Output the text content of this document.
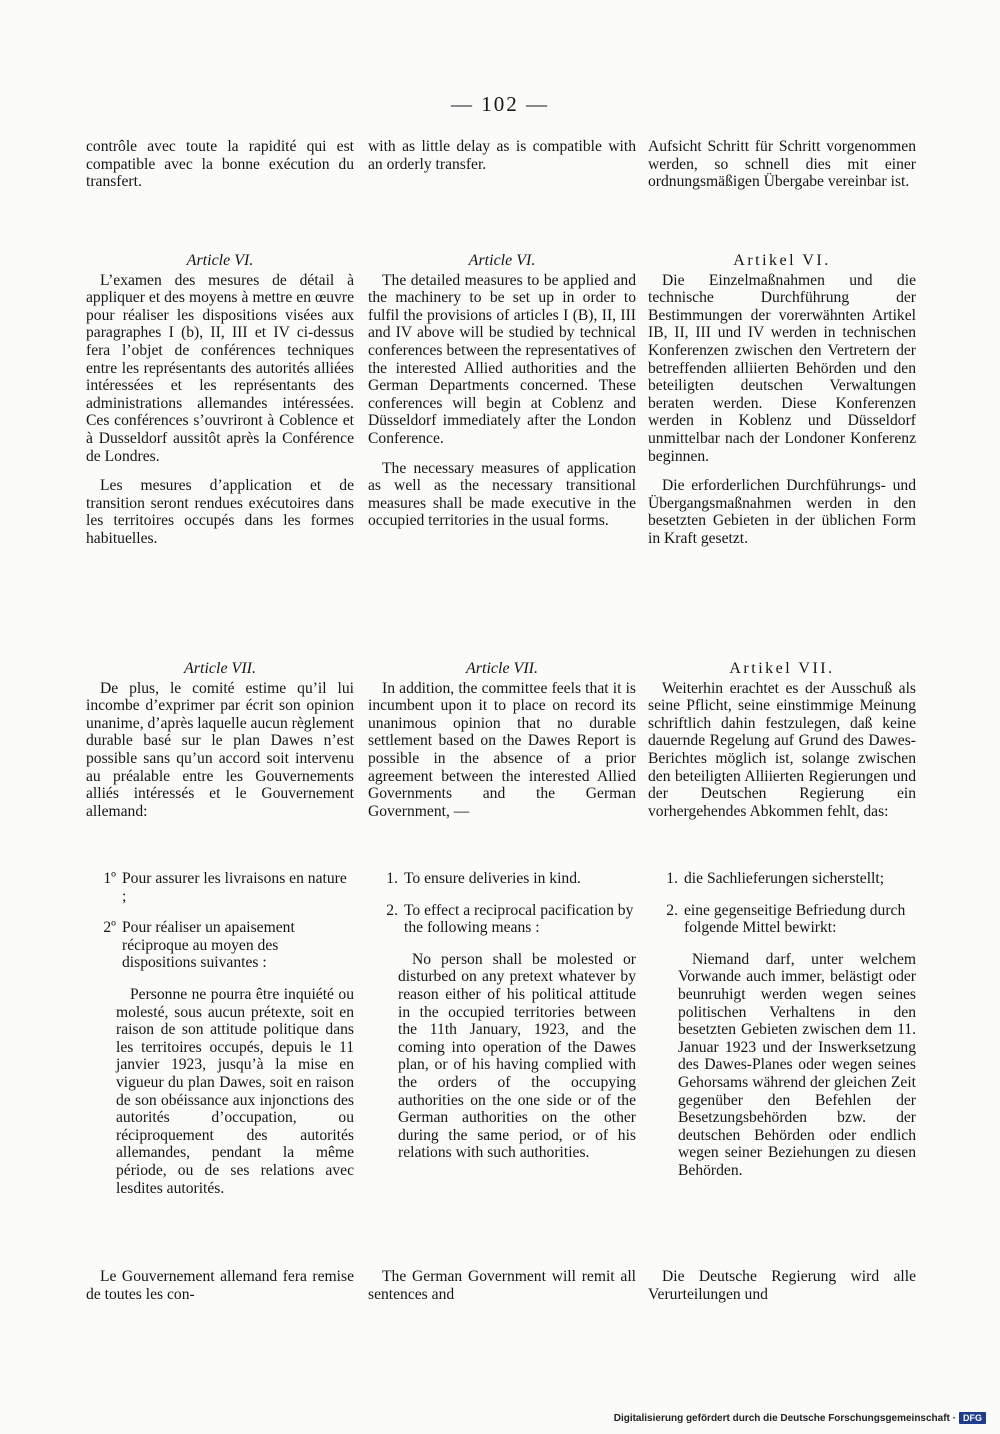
— 102 —

contrôle avec toute la rapidité qui est compatible avec la bonne exécution du transfert.

Article VI.

L’examen des mesures de détail à appliquer et des moyens à mettre en œuvre pour réaliser les dispositions visées aux paragraphes I (b), II, III et IV ci-dessus fera l’objet de conférences techniques entre les représentants des autorités alliées intéressées et les représentants des administrations allemandes intéressées. Ces conférences s’ouvriront à Coblence et à Dusseldorf aussitôt après la Conférence de Londres.

Les mesures d’application et de transition seront rendues exécutoires dans les territoires occupés dans les formes habituelles.

Article VII.

De plus, le comité estime qu’il lui incombe d’exprimer par écrit son opinion unanime, d’après laquelle aucun règlement durable basé sur le plan Dawes n’est possible sans qu’un accord soit intervenu au préalable entre les Gouvernements alliés intéressés et le Gouvernement allemand:

1º Pour assurer les livraisons en nature ;
2º Pour réaliser un apaisement réciproque au moyen des dispositions suivantes :
Personne ne pourra être inquiété ou molesté, sous aucun prétexte, soit en raison de son attitude politique dans les territoires occupés, depuis le 11 janvier 1923, jusqu’à la mise en vigueur du plan Dawes, soit en raison de son obéissance aux injonctions des autorités d’occupation, ou réciproquement des autorités allemandes, pendant la même période, ou de ses relations avec lesdites autorités.

Le Gouvernement allemand fera remise de toutes les con-

with as little delay as is compatible with an orderly transfer.

Article VI.

The detailed measures to be applied and the machinery to be set up in order to fulfil the provisions of articles I (B), II, III and IV above will be studied by technical conferences between the representatives of the interested Allied authorities and the German Departments concerned. These conferences will begin at Coblenz and Düsseldorf immediately after the London Conference.

The necessary measures of application as well as the necessary transitional measures shall be made executive in the occupied territories in the usual forms.

Article VII.

In addition, the committee feels that it is incumbent upon it to place on record its unanimous opinion that no durable settlement based on the Dawes Report is possible in the absence of a prior agreement between the interested Allied Governments and the German Government, —

1. To ensure deliveries in kind.
2. To effect a reciprocal pacification by the following means :
No person shall be molested or disturbed on any pretext whatever by reason either of his political attitude in the occupied territories between the 11th January, 1923, and the coming into operation of the Dawes plan, or of his having complied with the orders of the occupying authorities on the one side or of the German authorities on the other during the same period, or of his relations with such authorities.

The German Government will remit all sentences and

Aufsicht Schritt für Schritt vorgenommen werden, so schnell dies mit einer ordnungsmäßigen Übergabe vereinbar ist.

Artikel VI.

Die Einzelmaßnahmen und die technische Durchführung der Bestimmungen der vorerwähnten Artikel IB, II, III und IV werden in technischen Konferenzen zwischen den Vertretern der betreffenden alliierten Behörden und den beteiligten deutschen Verwaltungen beraten werden. Diese Konferenzen werden in Koblenz und Düsseldorf unmittelbar nach der Londoner Konferenz beginnen.

Die erforderlichen Durchführungs- und Übergangsmaßnahmen werden in den besetzten Gebieten in der üblichen Form in Kraft gesetzt.

Artikel VII.

Weiterhin erachtet es der Ausschuß als seine Pflicht, seine einstimmige Meinung schriftlich dahin festzulegen, daß keine dauernde Regelung auf Grund des Dawes-Berichtes möglich ist, solange zwischen den beteiligten Alliierten Regierungen und der Deutschen Regierung ein vorhergehendes Abkommen fehlt, das:

1. die Sachlieferungen sicherstellt;
2. eine gegenseitige Befriedung durch folgende Mittel bewirkt:
Niemand darf, unter welchem Vorwande auch immer, belästigt oder beunruhigt werden wegen seines politischen Verhaltens in den besetzten Gebieten zwischen dem 11. Januar 1923 und der Inswerksetzung des Dawes-Planes oder wegen seines Gehorsams während der gleichen Zeit gegenüber den Befehlen der Besetzungsbehörden bzw. der deutschen Behörden oder endlich wegen seiner Beziehungen zu diesen Behörden.

Die Deutsche Regierung wird alle Verurteilungen und

Digitalisierung gefördert durch die Deutsche Forschungsgemeinschaft · DFG
